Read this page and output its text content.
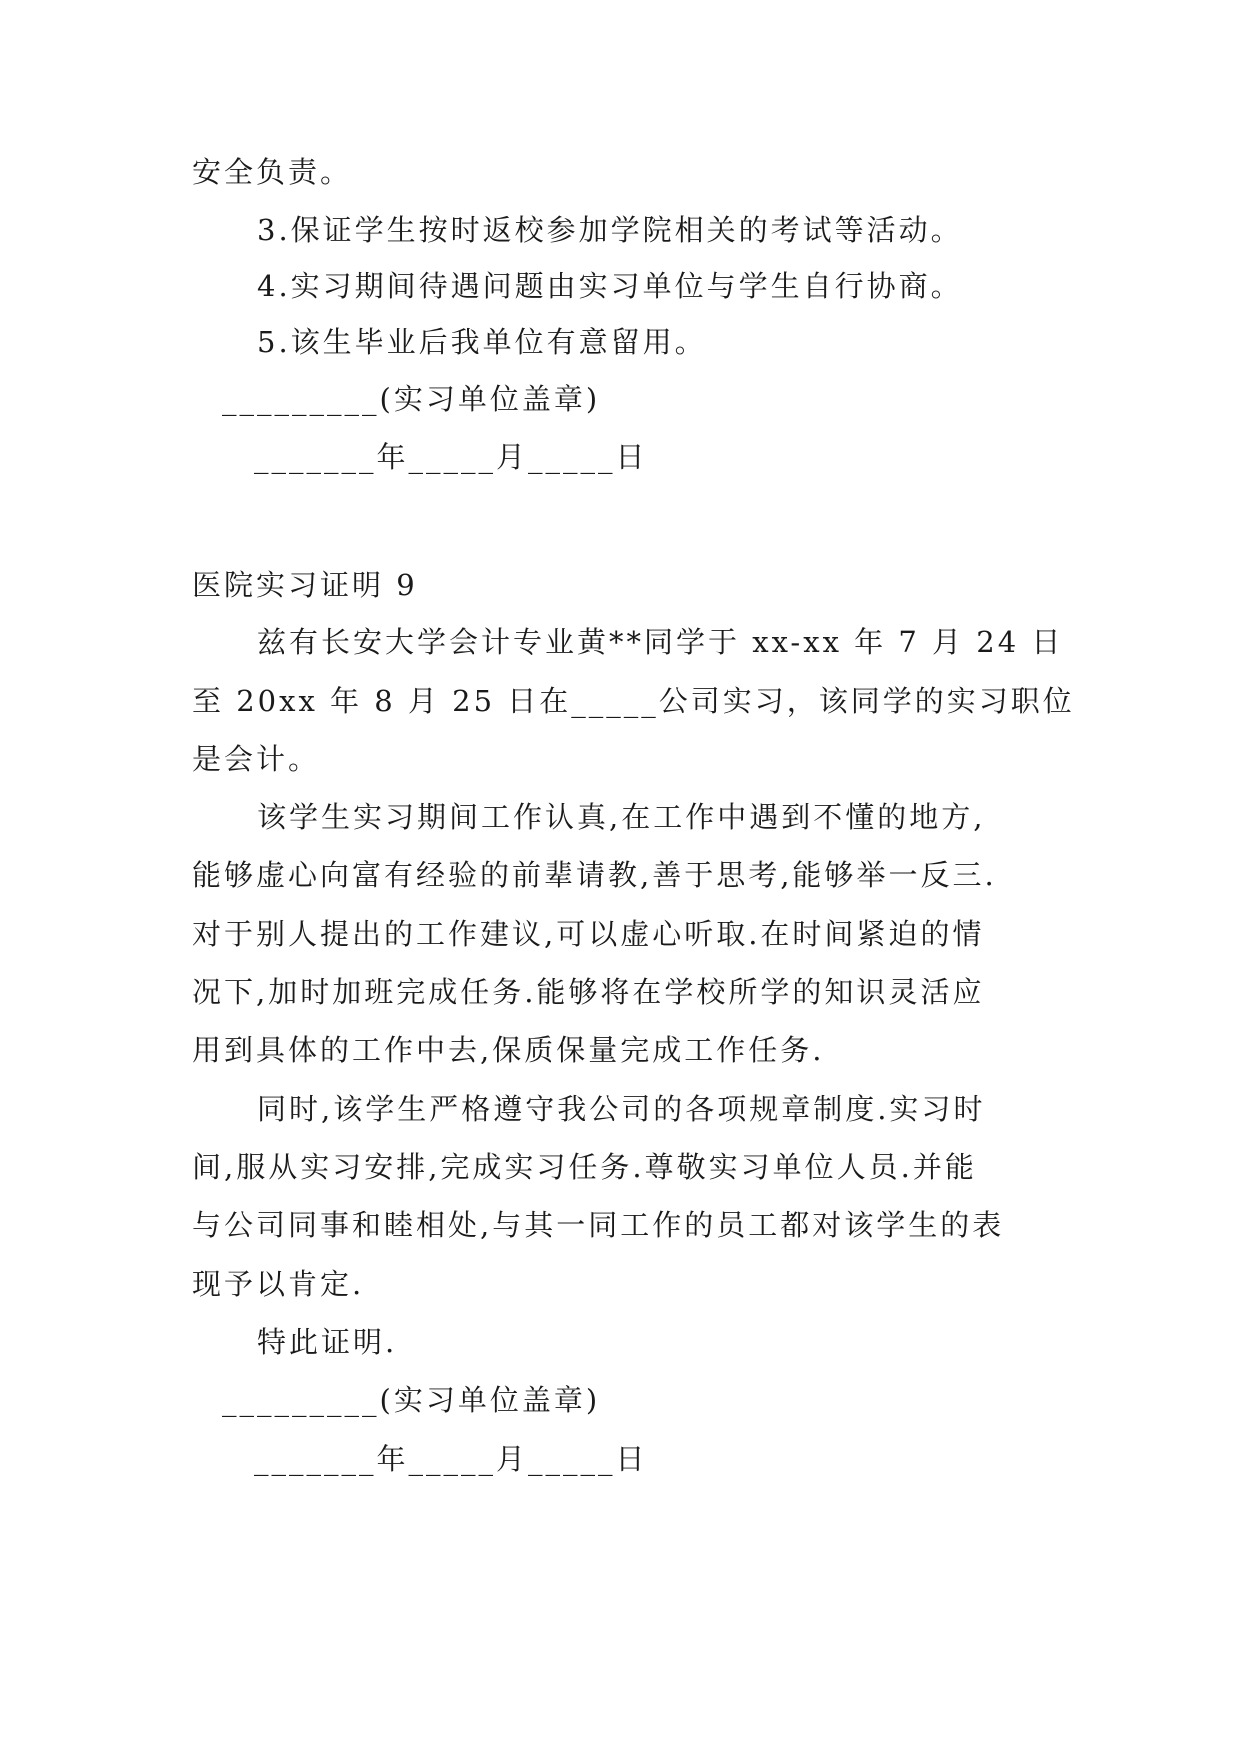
安全负责。
3.保证学生按时返校参加学院相关的考试等活动。
4.实习期间待遇问题由实习单位与学生自行协商。
5.该生毕业后我单位有意留用。
_________(实习单位盖章)
_______年_____月_____日
医院实习证明 9
兹有长安大学会计专业黄**同学于 xx-xx 年 7 月 24 日
至 20xx 年 8 月 25 日在_____公司实习，该同学的实习职位
是会计。
该学生实习期间工作认真,在工作中遇到不懂的地方,
能够虚心向富有经验的前辈请教,善于思考,能够举一反三.
对于别人提出的工作建议,可以虚心听取.在时间紧迫的情
况下,加时加班完成任务.能够将在学校所学的知识灵活应
用到具体的工作中去,保质保量完成工作任务.
同时,该学生严格遵守我公司的各项规章制度.实习时
间,服从实习安排,完成实习任务.尊敬实习单位人员.并能
与公司同事和睦相处,与其一同工作的员工都对该学生的表
现予以肯定.
特此证明.
_________(实习单位盖章)
_______年_____月_____日
